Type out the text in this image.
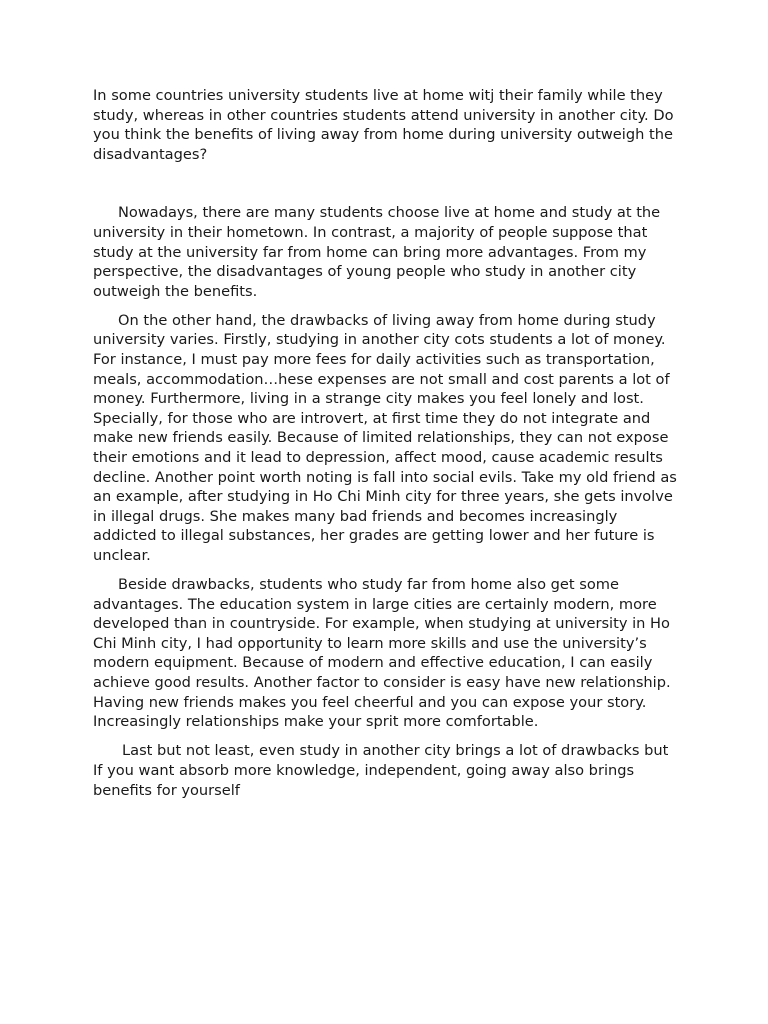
In some countries university students live at home witj their family while they study, whereas in other countries students attend university in another city. Do you think the benefits of living away from home during university outweigh the disadvantages?

Nowadays, there are many students choose live at home and study at the university in their hometown. In contrast, a majority of people suppose that study at the university far from home can bring more advantages. From my perspective, the disadvantages of young people who study in another city outweigh the benefits.

On the other hand, the drawbacks of living away from home during study university varies. Firstly, studying in another city cots students a lot of money. For instance, I must pay more fees for daily activities such as transportation, meals, accommodation…hese expenses are not small and cost parents a lot of money. Furthermore, living in a strange city makes you feel lonely and lost. Specially, for those who are introvert, at first time they do not integrate and make new friends easily. Because of limited relationships, they can not expose their emotions and it lead to depression, affect mood, cause academic results decline. Another point worth noting is fall into social evils. Take my old friend as an example, after studying in Ho Chi Minh city for three years, she gets involve in illegal drugs. She makes many bad friends and becomes increasingly addicted to illegal substances, her grades are getting lower and her future is unclear.

Beside drawbacks, students who study far from home also get some advantages. The education system in large cities are certainly modern, more developed than in countryside. For example, when studying at university in Ho Chi Minh city, I had opportunity to learn more skills and use the university’s modern equipment. Because of modern and effective education, I can easily achieve good results. Another factor to consider is easy have new relationship. Having new friends makes you feel cheerful and you can expose your story. Increasingly relationships make your sprit more comfortable.

Last but not least, even study in another city brings a lot of drawbacks but If you want absorb more knowledge, independent, going away also brings benefits for yourself
